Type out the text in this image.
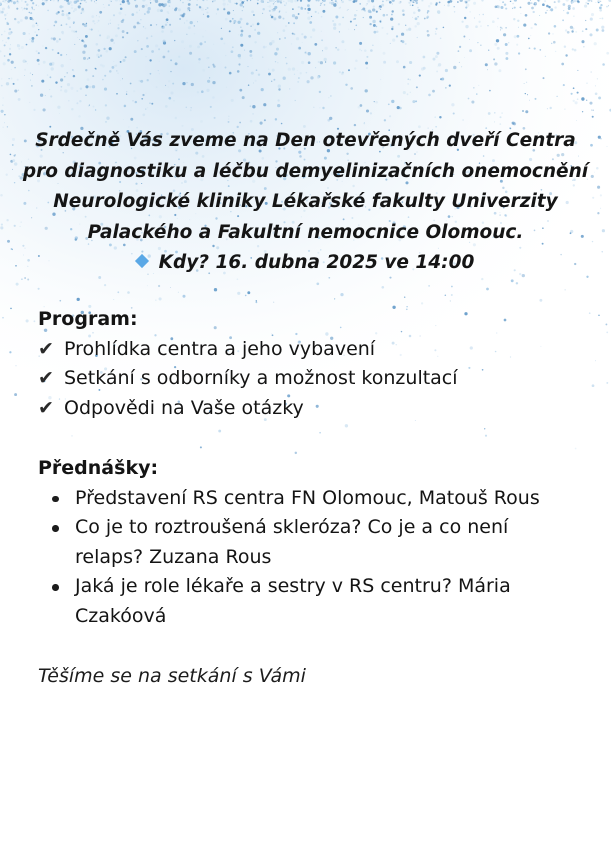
Srdečně Vás zveme na Den otevřených dveří Centra
pro diagnostiku a léčbu demyelinizačních onemocnění
Neurologické kliniky Lékařské fakulty Univerzity
Palackého a Fakultní nemocnice Olomouc.
Kdy? 16. dubna 2025 ve 14:00
Program:
✔ Prohlídka centra a jeho vybavení
✔ Setkání s odborníky a možnost konzultací
✔ Odpovědi na Vaše otázky
Přednášky:
Představení RS centra FN Olomouc, Matouš Rous
Co je to roztroušená skleróza? Co je a co není relaps? Zuzana Rous
Jaká je role lékaře a sestry v RS centru? Mária Czakóová
Těšíme se na setkání s Vámi
